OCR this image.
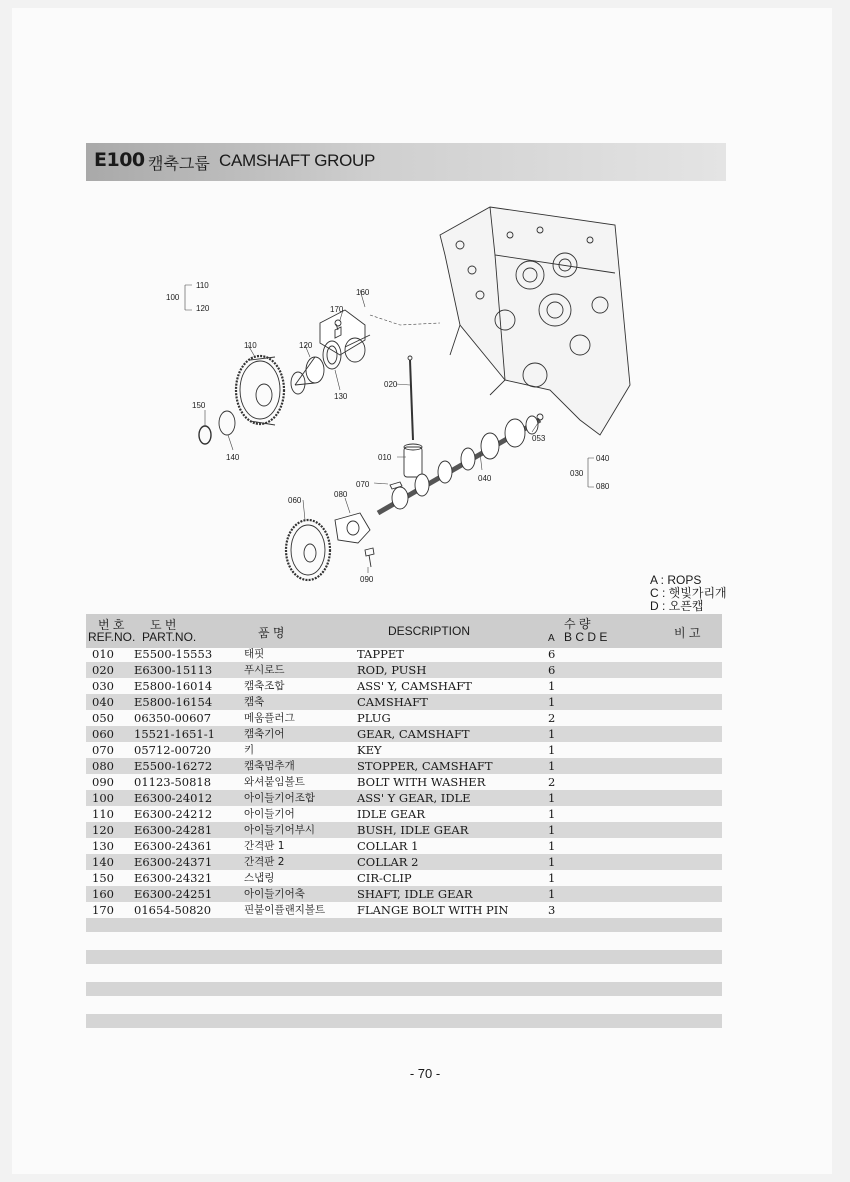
E100 캠축그룹 CAMSHAFT GROUP
110
120
100
160
170
110	120
130
020
150
140	010
070
080
060
040
053
040
030
080
090	A : ROPS
C : 햇빛가리개
D : 오픈캡
번 호
REF.NO.
도 번
PART.NO.	품 명	DESCRIPTION	수 량
A B C D E	비 고
010 E5500-15553	태핏	TAPPET	6
020 E6300-15113	푸시로드	ROD, PUSH	6
030 E5800-16014	캠축조합	ASS' Y, CAMSHAFT	1
040 E5800-16154	캠축	CAMSHAFT	1
050 06350-00607	메움플러그	PLUG	2
060 15521-1651-1	캠축기어	GEAR, CAMSHAFT	1
070 05712-00720	키	KEY	1
080 E5500-16272	캠축멈추개	STOPPER, CAMSHAFT	1
090 01123-50818	와셔붙임볼트	BOLT WITH WASHER	2
100 E6300-24012	아이들기어조합	ASS' Y GEAR, IDLE	1
110 E6300-24212	아이들기어	IDLE GEAR	1
120 E6300-24281	아이들기어부시	BUSH, IDLE GEAR	1
130 E6300-24361	간격판 1	COLLAR 1	1
140 E6300-24371	간격판 2	COLLAR 2	1
150 E6300-24321	스냅링	CIR-CLIP	1
160 E6300-24251	아이들기어축	SHAFT, IDLE GEAR	1
170 01654-50820	핀붙이플랜지볼트	FLANGE BOLT WITH PIN	3
- 70 -
